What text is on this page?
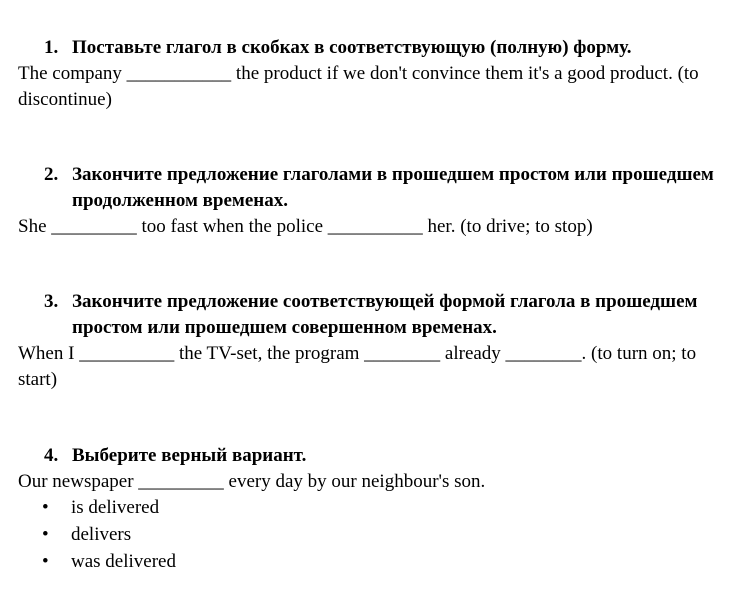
1. Поставьте глагол в скобках в соответствующую (полную) форму.
The company ___________ the product if we don't convince them it's a good product. (to discontinue)
2. Закончите предложение глаголами в прошедшем простом или прошедшем продолженном временах.
She _________ too fast when the police __________ her. (to drive; to stop)
3. Закончите предложение соответствующей формой глагола в прошедшем простом или прошедшем совершенном временах.
When I __________ the TV-set, the program ________ already ________. (to turn on; to start)
4. Выберите верный вариант.
Our newspaper _________ every day by our neighbour's son.
• is delivered
• delivers
• was delivered
